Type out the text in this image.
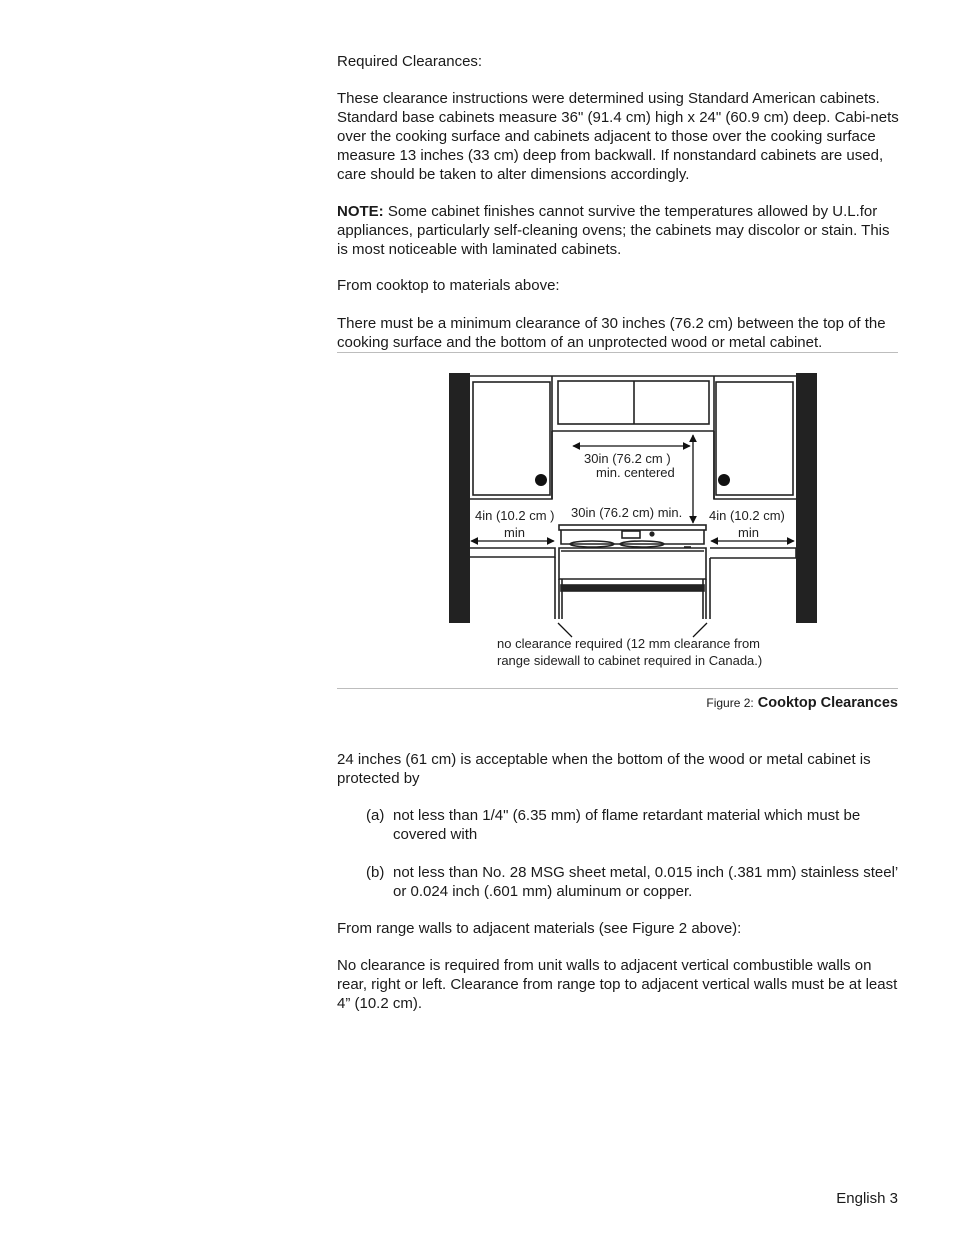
Required Clearances:

These clearance instructions were determined using Standard American cabinets. Standard base cabinets measure 36" (91.4 cm) high x 24" (60.9 cm) deep. Cabi-nets over the cooking surface and cabinets adjacent to those over the cooking surface measure 13 inches (33 cm) deep from backwall. If nonstandard cabinets are used, care should be taken to alter dimensions accordingly.

NOTE: Some cabinet finishes cannot survive the temperatures allowed by U.L.for appliances, particularly self-cleaning ovens; the cabinets may discolor or stain. This is most noticeable with laminated cabinets.

From cooktop to materials above:

There must be a minimum clearance of 30 inches (76.2 cm) between the top of the cooking surface and the bottom of an unprotected wood or metal cabinet.

30in (76.2 cm )
min. centered
30in (76.2 cm) min.
4in (10.2 cm )
min
4in (10.2 cm)
min
no clearance required (12 mm clearance from
range sidewall to cabinet required in Canada.)
Figure 2: Cooktop Clearances

24 inches (61 cm) is acceptable when the bottom of the wood or metal cabinet is protected by

(a) not less than 1/4" (6.35 mm) of flame retardant material which must be covered with
(b) not less than No. 28 MSG sheet metal, 0.015 inch (.381 mm) stainless steel’ or 0.024 inch (.601 mm) aluminum or copper.

From range walls to adjacent materials (see Figure 2 above):

No clearance is required from unit walls to adjacent vertical combustible walls on rear, right or left. Clearance from range top to adjacent vertical walls must be at least 4” (10.2 cm).

English 3
